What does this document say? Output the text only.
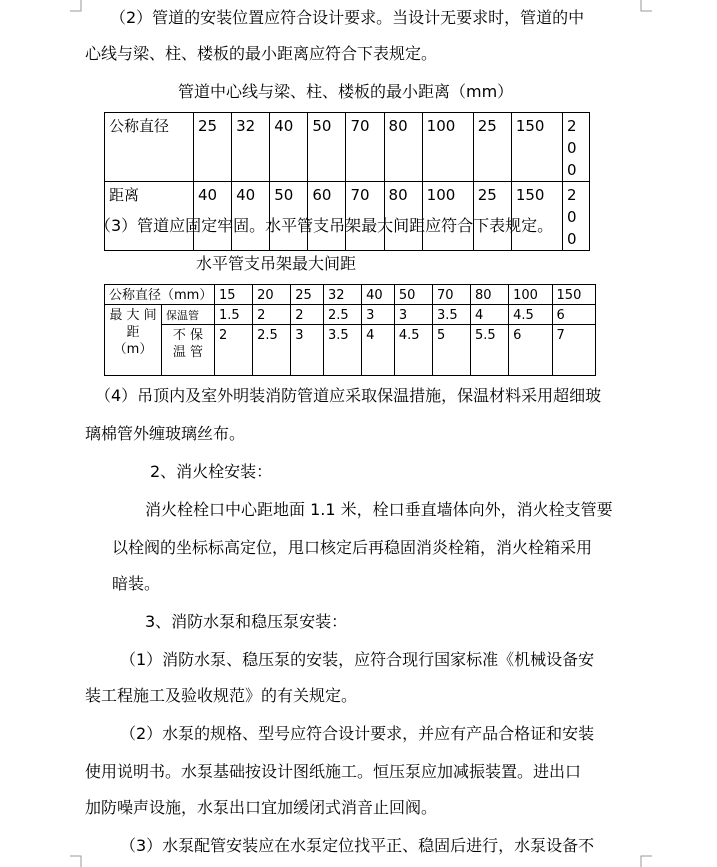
（2）管道的安装位置应符合设计要求。当设计无要求时，管道的中
心线与梁、柱、楼板的最小距离应符合下表规定。
管道中心线与梁、柱、楼板的最小距离（mm）
公称直径	25	32	40	50	70	80	100	25	150	200
距离	40	40	50	60	70	80	100	25	150	200
（3）管道应固定牢固。水平管支吊架最大间距应符合下表规定。
水平管支吊架最大间距
公称直径（mm）		15	20	25	32	40	50	70	80	100	150
最 大 间 距 （m）	保温管	1.5	2	2	2.5	3	3	3.5	4	4.5	6
	不 保 温 管	2	2.5	3	3.5	4	4.5	5	5.5	6	7
（4）吊顶内及室外明装消防管道应采取保温措施，保温材料采用超细玻
璃棉管外缠玻璃丝布。
2、消火栓安装：
消火栓栓口中心距地面 1.1 米，栓口垂直墙体向外，消火栓支管要
以栓阀的坐标标高定位，甩口核定后再稳固消炎栓箱，消火栓箱采用
暗装。
3、消防水泵和稳压泵安装：
（1）消防水泵、稳压泵的安装，应符合现行国家标准《机械设备安
装工程施工及验收规范》的有关规定。
（2）水泵的规格、型号应符合设计要求，并应有产品合格证和安装
使用说明书。水泵基础按设计图纸施工。恒压泵应加减振装置。进出口
加防噪声设施，水泵出口宜加缓闭式消音止回阀。
（3）水泵配管安装应在水泵定位找平正、稳固后进行，水泵设备不
